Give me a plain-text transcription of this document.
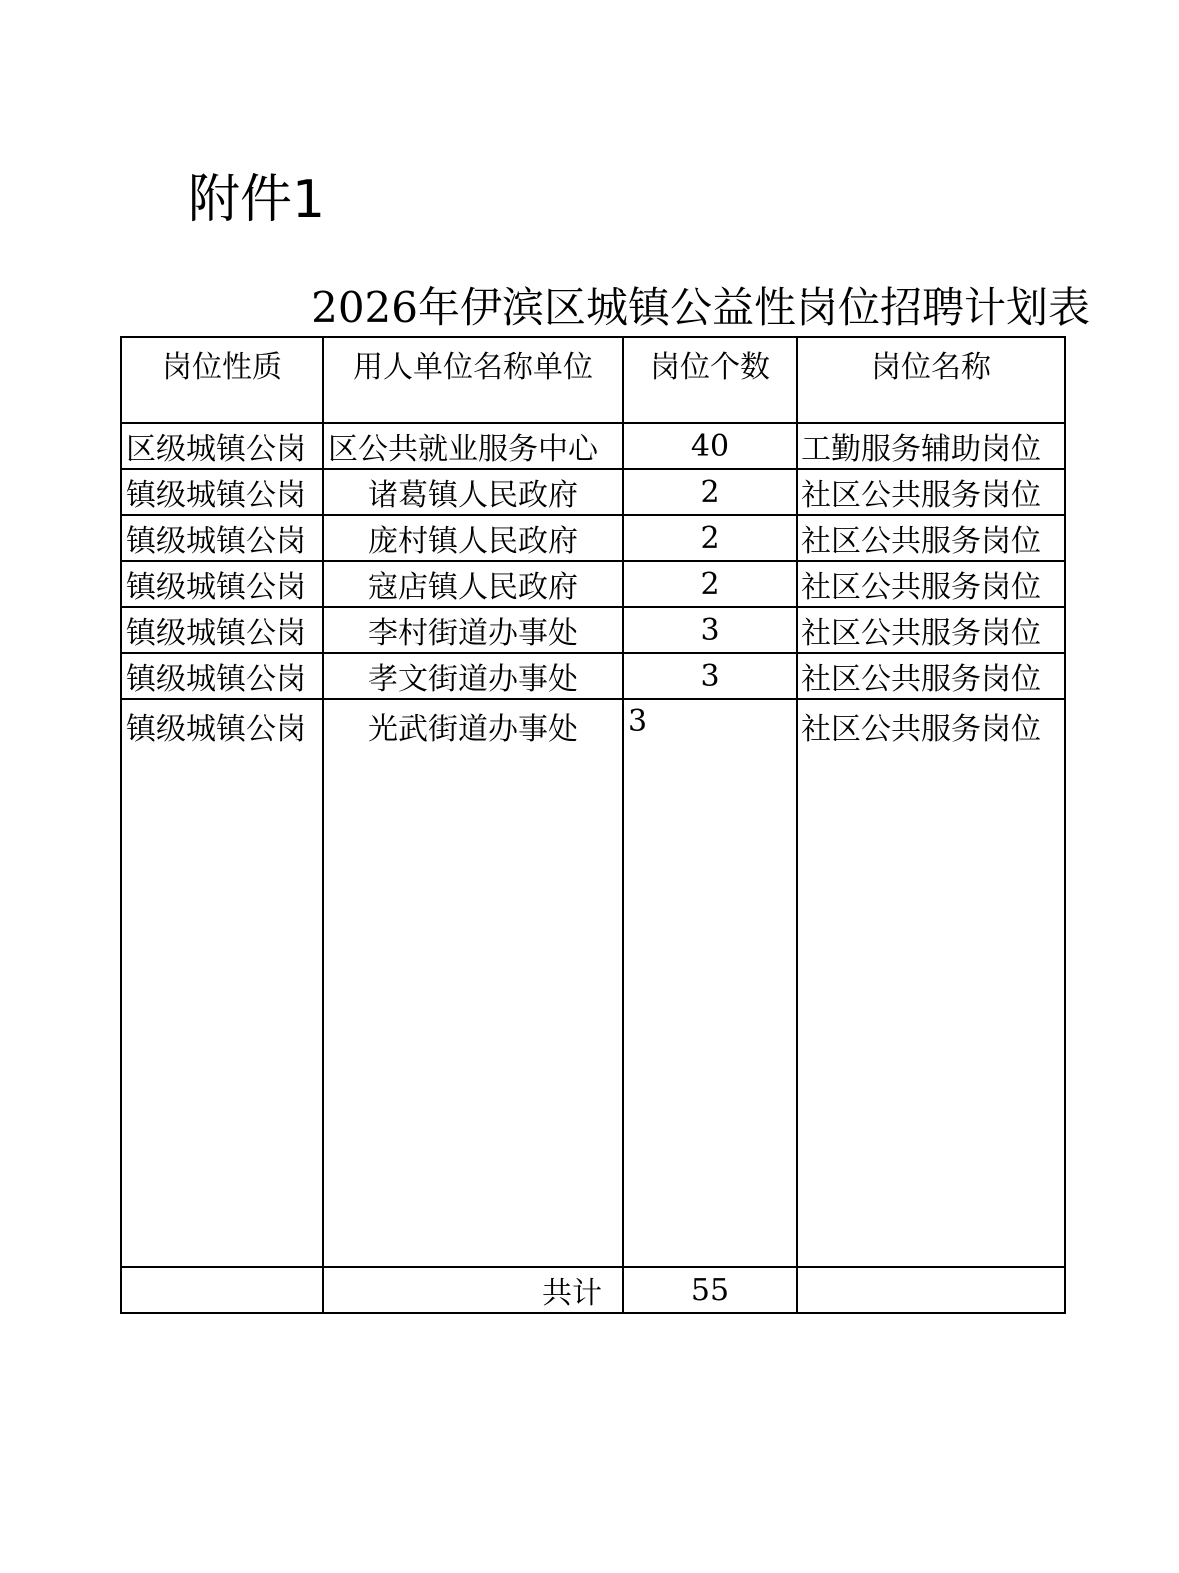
附件1
2026年伊滨区城镇公益性岗位招聘计划表
岗位性质	用人单位名称单位	岗位个数	岗位名称
区级城镇公岗	区公共就业服务中心	40	工勤服务辅助岗位
镇级城镇公岗	诸葛镇人民政府	2	社区公共服务岗位
镇级城镇公岗	庞村镇人民政府	2	社区公共服务岗位
镇级城镇公岗	寇店镇人民政府	2	社区公共服务岗位
镇级城镇公岗	李村街道办事处	3	社区公共服务岗位
镇级城镇公岗	孝文街道办事处	3	社区公共服务岗位
镇级城镇公岗	光武街道办事处	3	社区公共服务岗位
	共计	55	
